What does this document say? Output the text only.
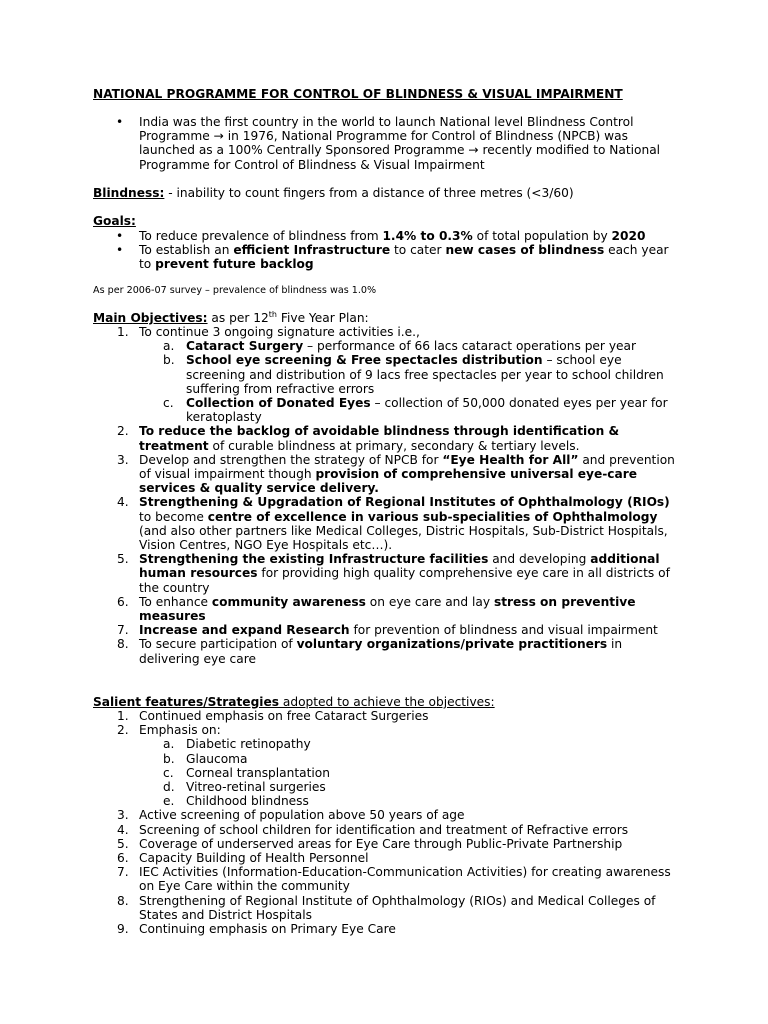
NATIONAL PROGRAMME FOR CONTROL OF BLINDNESS & VISUAL IMPAIRMENT
• India was the first country in the world to launch National level Blindness Control Programme → in 1976, National Programme for Control of Blindness (NPCB) was launched as a 100% Centrally Sponsored Programme → recently modified to National Programme for Control of Blindness & Visual Impairment
Blindness: - inability to count fingers from a distance of three metres (<3/60)
Goals:
• To reduce prevalence of blindness from 1.4% to 0.3% of total population by 2020
• To establish an efficient Infrastructure to cater new cases of blindness each year to prevent future backlog
As per 2006-07 survey – prevalence of blindness was 1.0%
Main Objectives: as per 12th Five Year Plan:
1. To continue 3 ongoing signature activities i.e.,
a. Cataract Surgery – performance of 66 lacs cataract operations per year
b. School eye screening & Free spectacles distribution – school eye screening and distribution of 9 lacs free spectacles per year to school children suffering from refractive errors
c. Collection of Donated Eyes – collection of 50,000 donated eyes per year for keratoplasty
2. To reduce the backlog of avoidable blindness through identification & treatment of curable blindness at primary, secondary & tertiary levels.
3. Develop and strengthen the strategy of NPCB for “Eye Health for All” and prevention of visual impairment though provision of comprehensive universal eye-care services & quality service delivery.
4. Strengthening & Upgradation of Regional Institutes of Ophthalmology (RIOs) to become centre of excellence in various sub-specialities of Ophthalmology (and also other partners like Medical Colleges, Distric Hospitals, Sub-District Hospitals, Vision Centres, NGO Eye Hospitals etc…).
5. Strengthening the existing Infrastructure facilities and developing additional human resources for providing high quality comprehensive eye care in all districts of the country
6. To enhance community awareness on eye care and lay stress on preventive measures
7. Increase and expand Research for prevention of blindness and visual impairment
8. To secure participation of voluntary organizations/private practitioners in delivering eye care
Salient features/Strategies adopted to achieve the objectives:
1. Continued emphasis on free Cataract Surgeries
2. Emphasis on:
a. Diabetic retinopathy
b. Glaucoma
c. Corneal transplantation
d. Vitreo-retinal surgeries
e. Childhood blindness
3. Active screening of population above 50 years of age
4. Screening of school children for identification and treatment of Refractive errors
5. Coverage of underserved areas for Eye Care through Public-Private Partnership
6. Capacity Building of Health Personnel
7. IEC Activities (Information-Education-Communication Activities) for creating awareness on Eye Care within the community
8. Strengthening of Regional Institute of Ophthalmology (RIOs) and Medical Colleges of States and District Hospitals
9. Continuing emphasis on Primary Eye Care
